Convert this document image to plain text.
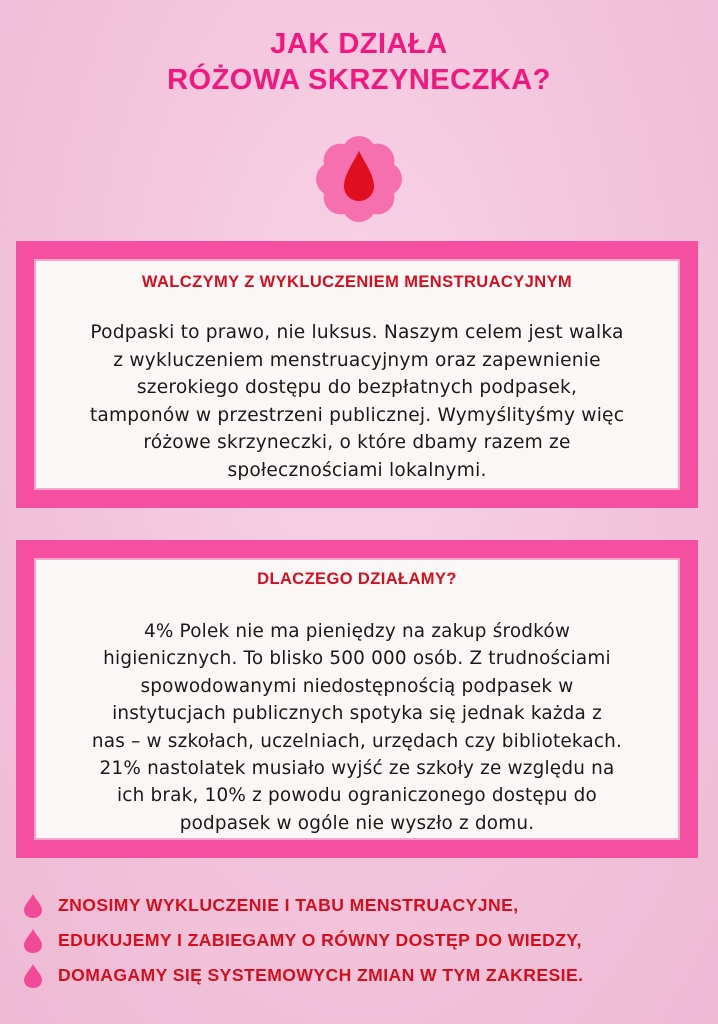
JAK DZIAŁA
RÓŻOWA SKRZYNECZKA?
WALCZYMY Z WYKLUCZENIEM MENSTRUACYJNYM
Podpaski to prawo, nie luksus. Naszym celem jest walka
z wykluczeniem menstruacyjnym oraz zapewnienie
szerokiego dostępu do bezpłatnych podpasek,
tamponów w przestrzeni publicznej. Wymyślityśmy więc
różowe skrzyneczki, o które dbamy razem ze
społecznościami lokalnymi.
DLACZEGO DZIAŁAMY?
4% Polek nie ma pieniędzy na zakup środków
higienicznych. To blisko 500 000 osób. Z trudnościami
spowodowanymi niedostępnością podpasek w
instytucjach publicznych spotyka się jednak każda z
nas – w szkołach, uczelniach, urzędach czy bibliotekach.
21% nastolatek musiało wyjść ze szkoły ze względu na
ich brak, 10% z powodu ograniczonego dostępu do
podpasek w ogóle nie wyszło z domu.
ZNOSIMY WYKLUCZENIE I TABU MENSTRUACYJNE,
EDUKUJEMY I ZABIEGAMY O RÓWNY DOSTĘP DO WIEDZY,
DOMAGAMY SIĘ SYSTEMOWYCH ZMIAN W TYM ZAKRESIE.
